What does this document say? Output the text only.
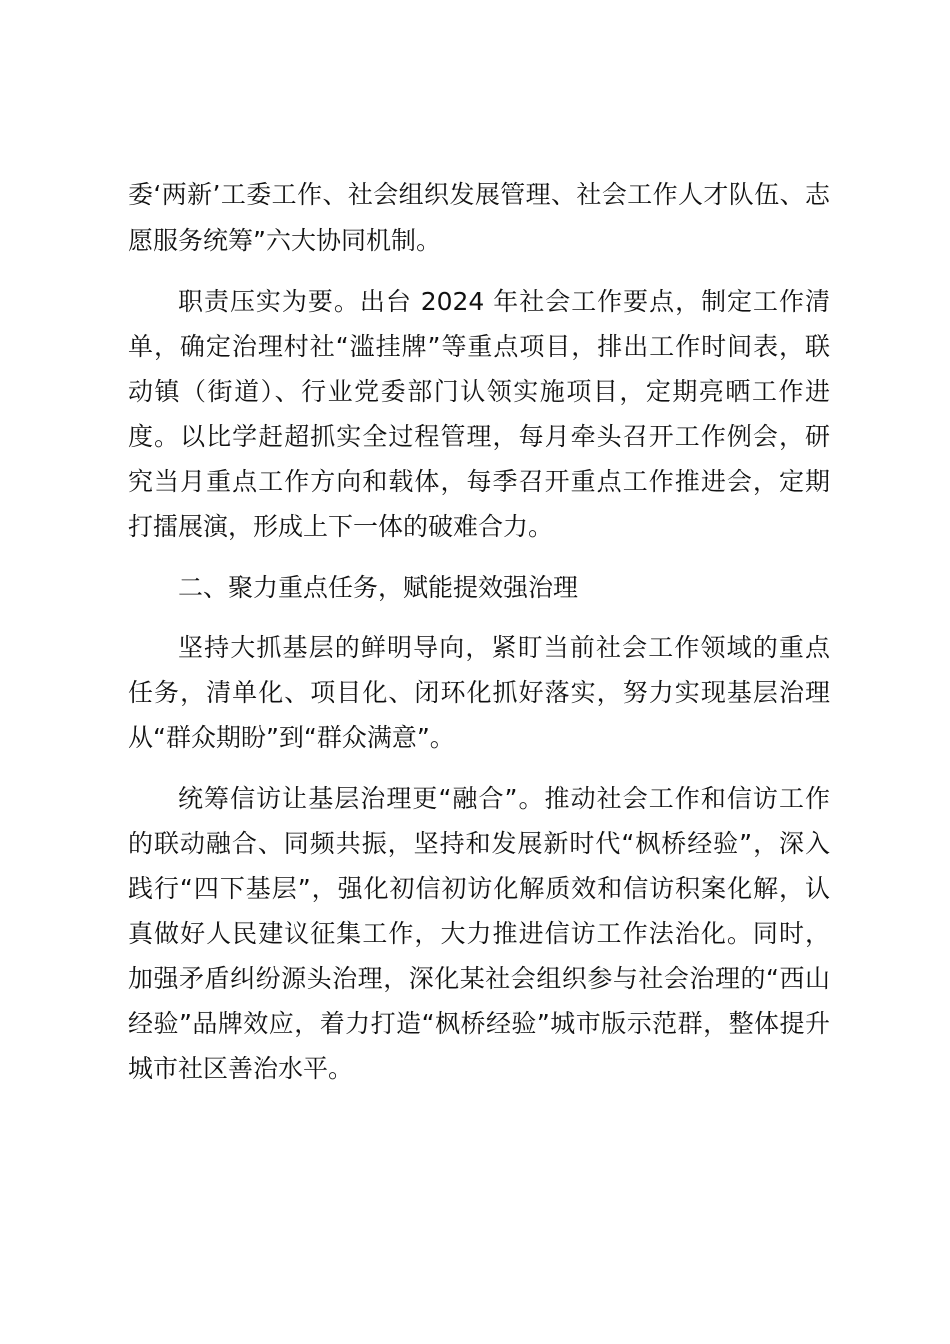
委‘两新’工委工作、社会组织发展管理、社会工作人才队伍、志
愿服务统筹”六大协同机制。
职责压实为要。出台 2024 年社会工作要点，制定工作清
单，确定治理村社“滥挂牌”等重点项目，排出工作时间表，联
动镇（街道）、行业党委部门认领实施项目，定期亮晒工作进
度。以比学赶超抓实全过程管理，每月牵头召开工作例会，研
究当月重点工作方向和载体，每季召开重点工作推进会，定期
打擂展演，形成上下一体的破难合力。
二、聚力重点任务，赋能提效强治理
坚持大抓基层的鲜明导向，紧盯当前社会工作领域的重点
任务，清单化、项目化、闭环化抓好落实，努力实现基层治理
从“群众期盼”到“群众满意”。
统筹信访让基层治理更“融合”。推动社会工作和信访工作
的联动融合、同频共振，坚持和发展新时代“枫桥经验”，深入
践行“四下基层”，强化初信初访化解质效和信访积案化解，认
真做好人民建议征集工作，大力推进信访工作法治化。同时，
加强矛盾纠纷源头治理，深化某社会组织参与社会治理的“西山
经验”品牌效应，着力打造“枫桥经验”城市版示范群，整体提升
城市社区善治水平。
